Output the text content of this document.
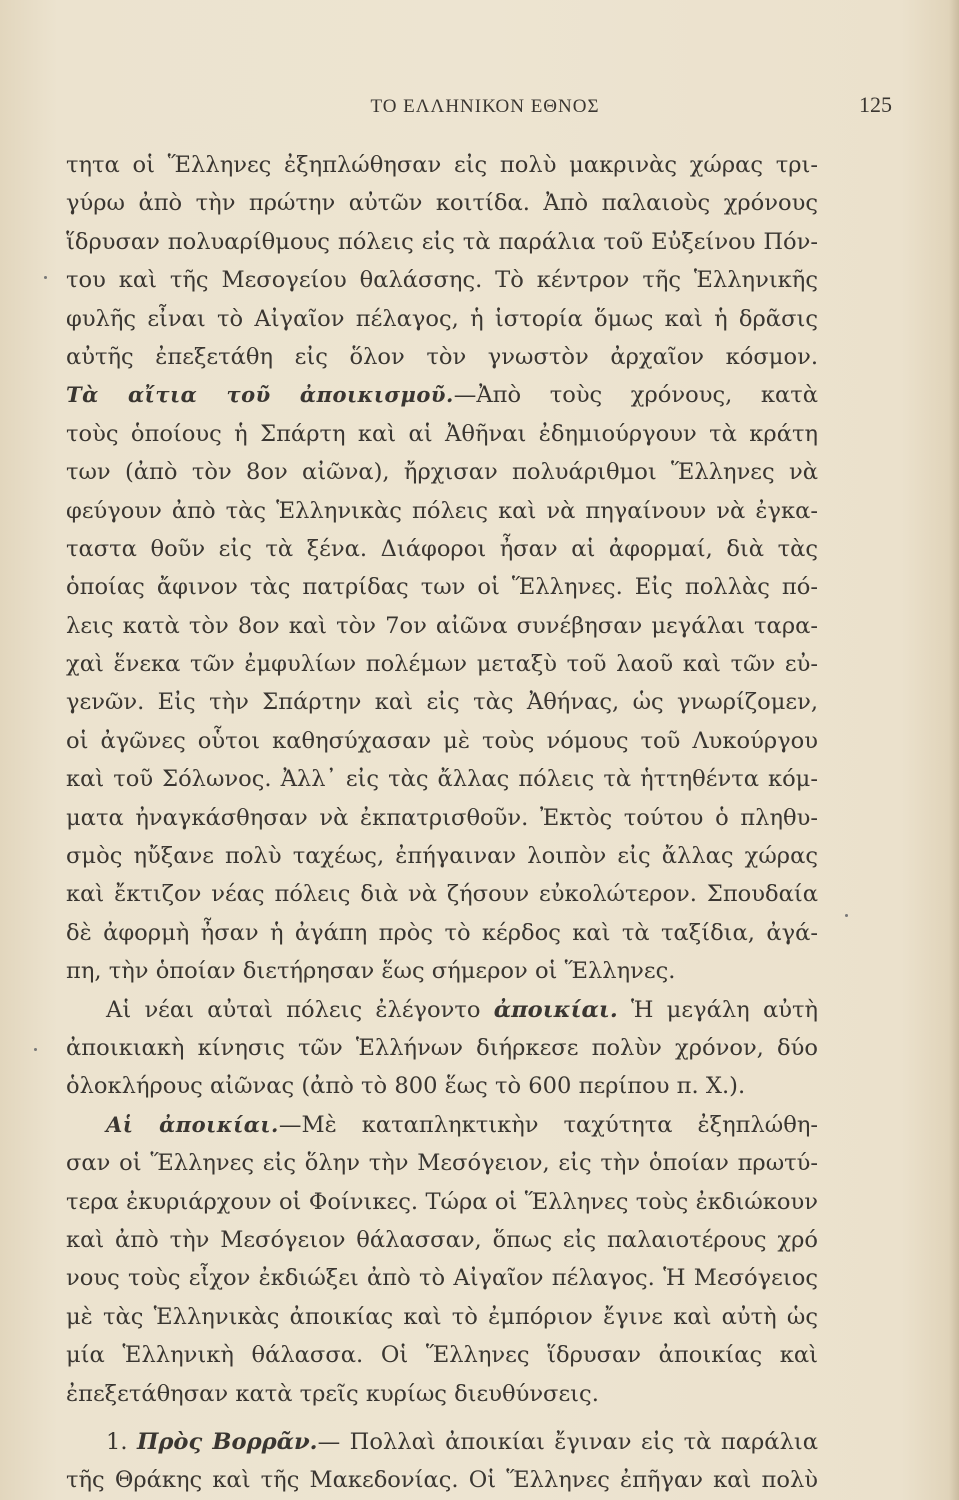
ΤΟ ΕΛΛΗΝΙΚΟΝ ΕΘΝΟΣ	125
τητα οἱ Ἕλληνες ἐξηπλώθησαν εἰς πολὺ μακρινὰς χώρας τρι-
γύρω ἀπὸ τὴν πρώτην αὐτῶν κοιτίδα. Ἀπὸ παλαιοὺς χρόνους
ἵδρυσαν πολυαρίθμους πόλεις εἰς τὰ παράλια τοῦ Εὐξείνου Πόν-
του καὶ τῆς Μεσογείου θαλάσσης. Τὸ κέντρον τῆς Ἑλληνικῆς
φυλῆς εἶναι τὸ Αἰγαῖον πέλαγος, ἡ ἱστορία ὅμως καὶ ἡ δρᾶσις
αὐτῆς ἐπεξετάθη εἰς ὅλον τὸν γνωστὸν ἀρχαῖον κόσμον.
Τὰ αἴτια τοῦ ἀποικισμοῦ.—Ἀπὸ τοὺς χρόνους, κατὰ
τοὺς ὁποίους ἡ Σπάρτη καὶ αἱ Ἀθῆναι ἐδημιούργουν τὰ κράτη
των (ἀπὸ τὸν 8ον αἰῶνα), ἤρχισαν πολυάριθμοι Ἕλληνες νὰ
φεύγουν ἀπὸ τὰς Ἑλληνικὰς πόλεις καὶ νὰ πηγαίνουν νὰ ἐγκα-
ταστα θοῦν εἰς τὰ ξένα. Διάφοροι ἦσαν αἱ ἀφορμαί, διὰ τὰς
ὁποίας ἄφινον τὰς πατρίδας των οἱ Ἕλληνες. Εἰς πολλὰς πό-
λεις κατὰ τὸν 8ον καὶ τὸν 7ον αἰῶνα συνέβησαν μεγάλαι ταρα-
χαὶ ἕνεκα τῶν ἐμφυλίων πολέμων μεταξὺ τοῦ λαοῦ καὶ τῶν εὐ-
γενῶν. Εἰς τὴν Σπάρτην καὶ εἰς τὰς Ἀθήνας, ὡς γνωρίζομεν,
οἱ ἀγῶνες οὗτοι καθησύχασαν μὲ τοὺς νόμους τοῦ Λυκούργου
καὶ τοῦ Σόλωνος. Ἀλλ᾽ εἰς τὰς ἄλλας πόλεις τὰ ἡττηθέντα κόμ-
ματα ἠναγκάσθησαν νὰ ἐκπατρισθοῦν. Ἐκτὸς τούτου ὁ πληθυ-
σμὸς ηὔξανε πολὺ ταχέως, ἐπήγαιναν λοιπὸν εἰς ἄλλας χώρας
καὶ ἔκτιζον νέας πόλεις διὰ νὰ ζήσουν εὐκολώτερον. Σπουδαία
δὲ ἀφορμὴ ἦσαν ἡ ἀγάπη πρὸς τὸ κέρδος καὶ τὰ ταξίδια, ἀγά-
πη, τὴν ὁποίαν διετήρησαν ἕως σήμερον οἱ Ἕλληνες.
Αἱ νέαι αὐταὶ πόλεις ἐλέγοντο ἀποικίαι. Ἡ μεγάλη αὐτὴ
ἀποικιακὴ κίνησις τῶν Ἑλλήνων διήρκεσε πολὺν χρόνον, δύο
ὁλοκλήρους αἰῶνας (ἀπὸ τὸ 800 ἕως τὸ 600 περίπου π. Χ.).
Αἱ ἀποικίαι.—Μὲ καταπληκτικὴν ταχύτητα ἐξηπλώθη-
σαν οἱ Ἕλληνες εἰς ὅλην τὴν Μεσόγειον, εἰς τὴν ὁποίαν πρωτύ-
τερα ἐκυριάρχουν οἱ Φοίνικες. Τώρα οἱ Ἕλληνες τοὺς ἐκδιώκουν
καὶ ἀπὸ τὴν Μεσόγειον θάλασσαν, ὅπως εἰς παλαιοτέρους χρό
νους τοὺς εἶχον ἐκδιώξει ἀπὸ τὸ Αἰγαῖον πέλαγος. Ἡ Μεσόγειος
μὲ τὰς Ἑλληνικὰς ἀποικίας καὶ τὸ ἐμπόριον ἔγινε καὶ αὐτὴ ὡς
μία Ἑλληνικὴ θάλασσα. Οἱ Ἕλληνες ἵδρυσαν ἀποικίας καὶ
ἐπεξετάθησαν κατὰ τρεῖς κυρίως διευθύνσεις.
1. Πρὸς Βορρᾶν.— Πολλαὶ ἀποικίαι ἔγιναν εἰς τὰ παράλια
τῆς Θράκης καὶ τῆς Μακεδονίας. Οἱ Ἕλληνες ἐπῆγαν καὶ πολὺ
